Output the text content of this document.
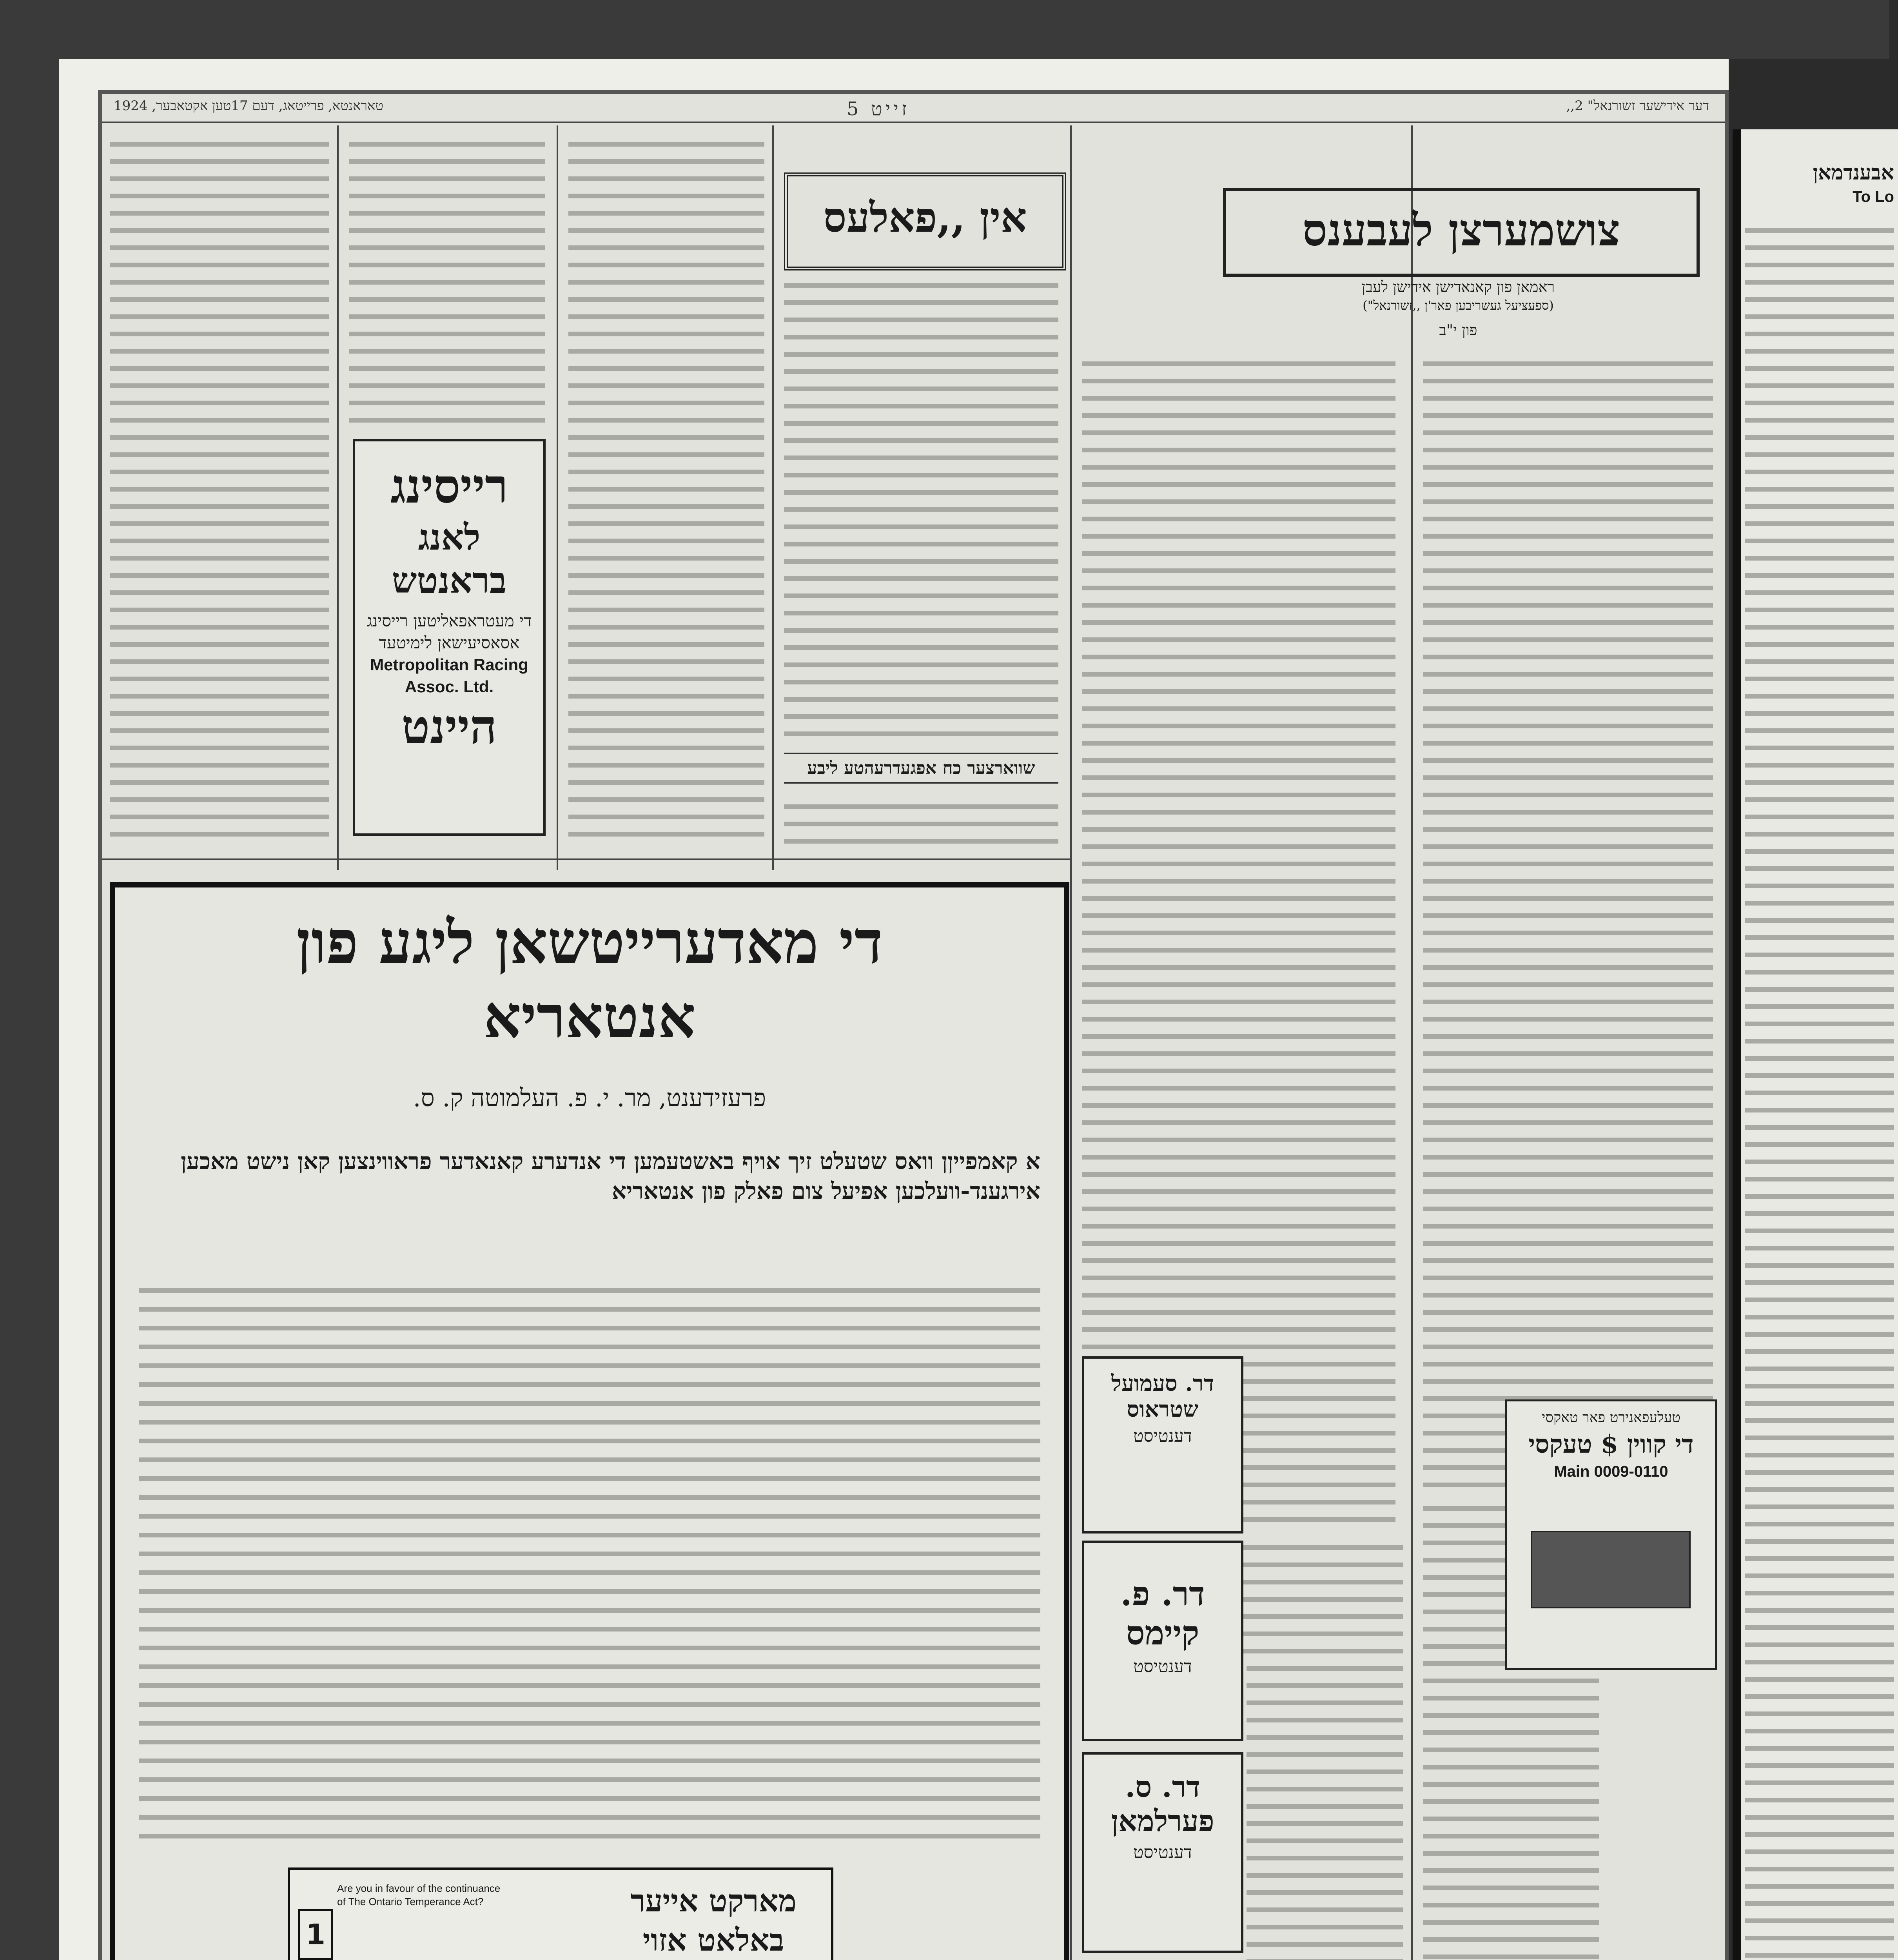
,,דער אידישער זשורנאל" 2
טאראנטא, פרייטאג, דעם 17טען אקטאבער, 1924	זייט 5
צושמערצן לעבענס
ראמאן פון קאנאדישן אידישן לעבן
(ספעציעל געשריבען פאר'ן ,,זשורנאל")
פון י"ב
אין ,,פאלעס
שווארצער כח אפגעדרעהטע ליבע
רייסינג
לאנג בראנטש
די מעטראפאליטען רייסינג אסאסיעישאן לימיטעד
Metropolitan Racing Assoc. Ltd.
היינט
די מאדערייטשאן ליגע פון
אנטאריא
פרעזידענט, מר. י. פ. העלמוטה ק. ס.
א קאמפייןן וואס שטעלט זיך אויף באשטעמען די אנדערע קאנאדער פראווינצען קאן נישט מאכען אירגענד-וועלכען אפיעל צום פאלק פון אנטאריא
1
Are you in favour of the continuance of The Ontario Temperance Act?	מארקט אייער באלאט אזוי
דר. סעמועל שטראוס
דענטיסט
דר. פ. קיימס
דענטיסט
דר. ס. פערלמאן
דענטיסט
טעלעפאנירט פאר טאקסי
די קווין $ טעקסי
Main 0009-0110
אבענדמאן
To Lo
